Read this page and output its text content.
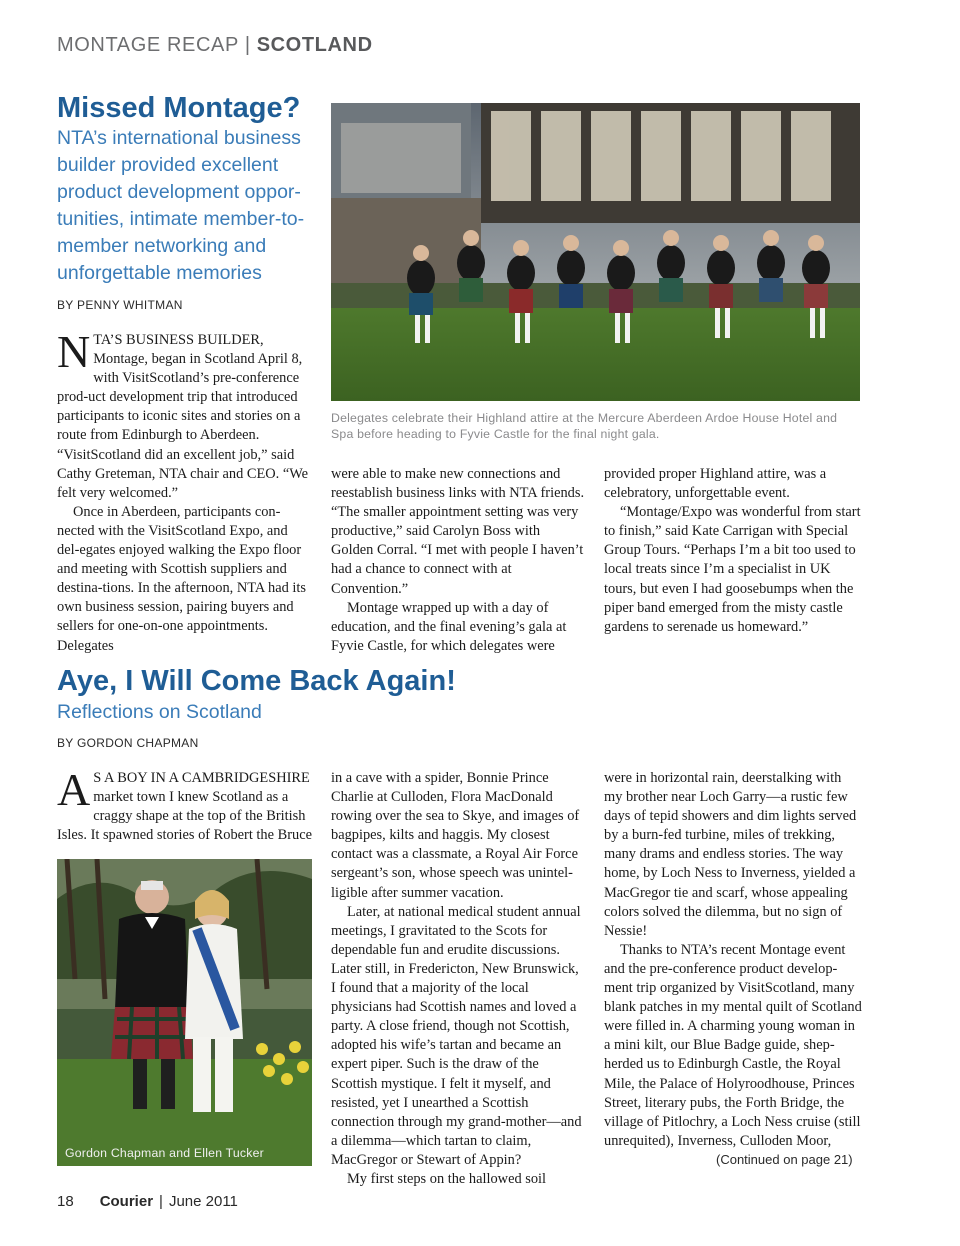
MONTAGE RECAP | SCOTLAND
Missed Montage?
NTA’s international business builder provided excellent product development oppor-tunities, intimate member-to-member networking and unforgettable memories
BY PENNY WHITMAN
Delegates celebrate their Highland attire at the Mercure Aberdeen Ardoe House Hotel and Spa before heading to Fyvie Castle for the final night gala.

NTA’S BUSINESS BUILDER, Montage, began in Scotland April 8, with VisitScotland’s pre-conference prod-uct development trip that introduced participants to iconic sites and stories on a route from Edinburgh to Aberdeen. “VisitScotland did an excellent job,” said Cathy Greteman, NTA chair and CEO. “We felt very welcomed.”

Once in Aberdeen, participants con-nected with the VisitScotland Expo, and del-egates enjoyed walking the Expo floor and meeting with Scottish suppliers and destina-tions. In the afternoon, NTA had its own business session, pairing buyers and sellers for one-on-one appointments. Delegates

were able to make new connections and reestablish business links with NTA friends. “The smaller appointment setting was very productive,” said Carolyn Boss with Golden Corral. “I met with people I haven’t had a chance to connect with at Convention.”

Montage wrapped up with a day of education, and the final evening’s gala at Fyvie Castle, for which delegates were

provided proper Highland attire, was a celebratory, unforgettable event.

“Montage/Expo was wonderful from start to finish,” said Kate Carrigan with Special Group Tours. “Perhaps I’m a bit too used to local treats since I’m a specialist in UK tours, but even I had goosebumps when the piper band emerged from the misty castle gardens to serenade us homeward.”

Aye, I Will Come Back Again!
Reflections on Scotland
BY GORDON CHAPMAN

A S A BOY IN A CAMBRIDGESHIRE market town I knew Scotland as a craggy shape at the top of the British Isles. It spawned stories of Robert the Bruce

Gordon Chapman and Ellen Tucker

in a cave with a spider, Bonnie Prince Charlie at Culloden, Flora MacDonald rowing over the sea to Skye, and images of bagpipes, kilts and haggis. My closest contact was a classmate, a Royal Air Force sergeant’s son, whose speech was unintel-ligible after summer vacation.

Later, at national medical student annual meetings, I gravitated to the Scots for dependable fun and erudite discussions. Later still, in Fredericton, New Brunswick, I found that a majority of the local physicians had Scottish names and loved a party. A close friend, though not Scottish, adopted his wife’s tartan and became an expert piper. Such is the draw of the Scottish mystique. I felt it myself, and resisted, yet I unearthed a Scottish connection through my grand-mother—and a dilemma—which tartan to claim, MacGregor or Stewart of Appin?

My first steps on the hallowed soil

were in horizontal rain, deerstalking with my brother near Loch Garry—a rustic few days of tepid showers and dim lights served by a burn-fed turbine, miles of trekking, many drams and endless stories. The way home, by Loch Ness to Inverness, yielded a MacGregor tie and scarf, whose appealing colors solved the dilemma, but no sign of Nessie!

Thanks to NTA’s recent Montage event and the pre-conference product develop-ment trip organized by VisitScotland, many blank patches in my mental quilt of Scotland were filled in. A charming young woman in a mini kilt, our Blue Badge guide, shep-herded us to Edinburgh Castle, the Royal Mile, the Palace of Holyroodhouse, Princes Street, literary pubs, the Forth Bridge, the village of Pitlochry, a Loch Ness cruise (still unrequited), Inverness, Culloden Moor,

(Continued on page 21)
18 Courier | June 2011
